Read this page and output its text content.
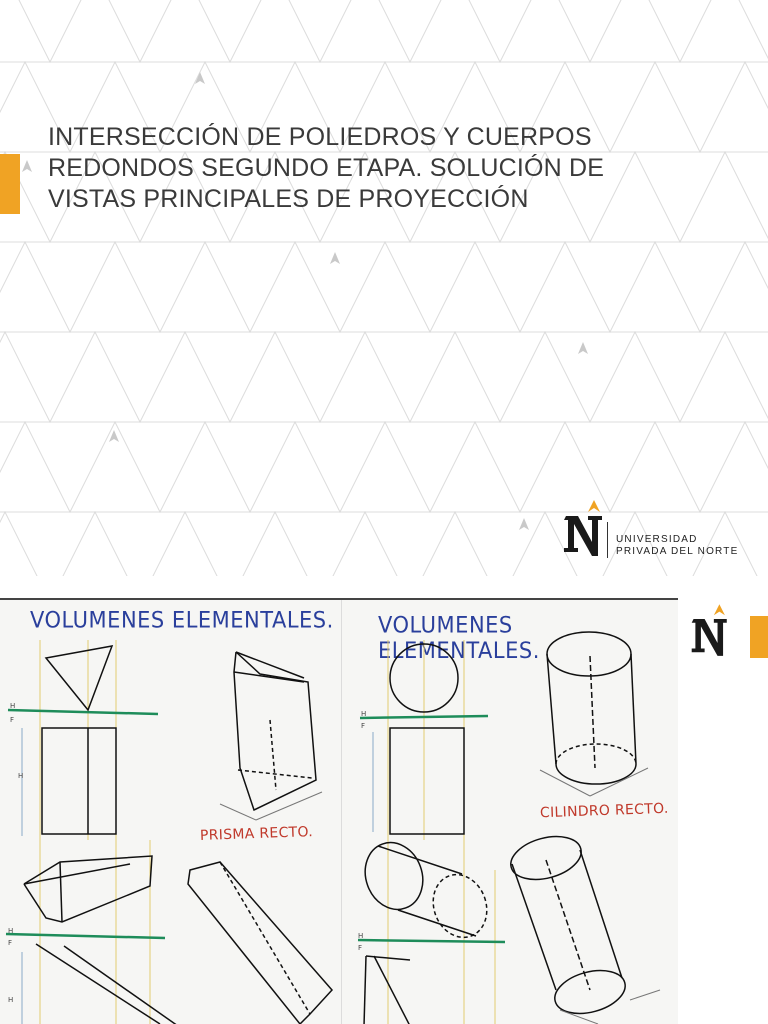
INTERSECCIÓN DE POLIEDROS Y CUERPOS
REDONDOS SEGUNDO ETAPA. SOLUCIÓN DE
VISTAS PRINCIPALES DE PROYECCIÓN
UNIVERSIDAD
PRIVADA DEL NORTE
VOLUMENES ELEMENTALES. VOLUMENES ELEMENTALES.
H
F
H
F
H
F
H
F
H
H
PRISMA RECTO.
CILINDRO RECTO.
